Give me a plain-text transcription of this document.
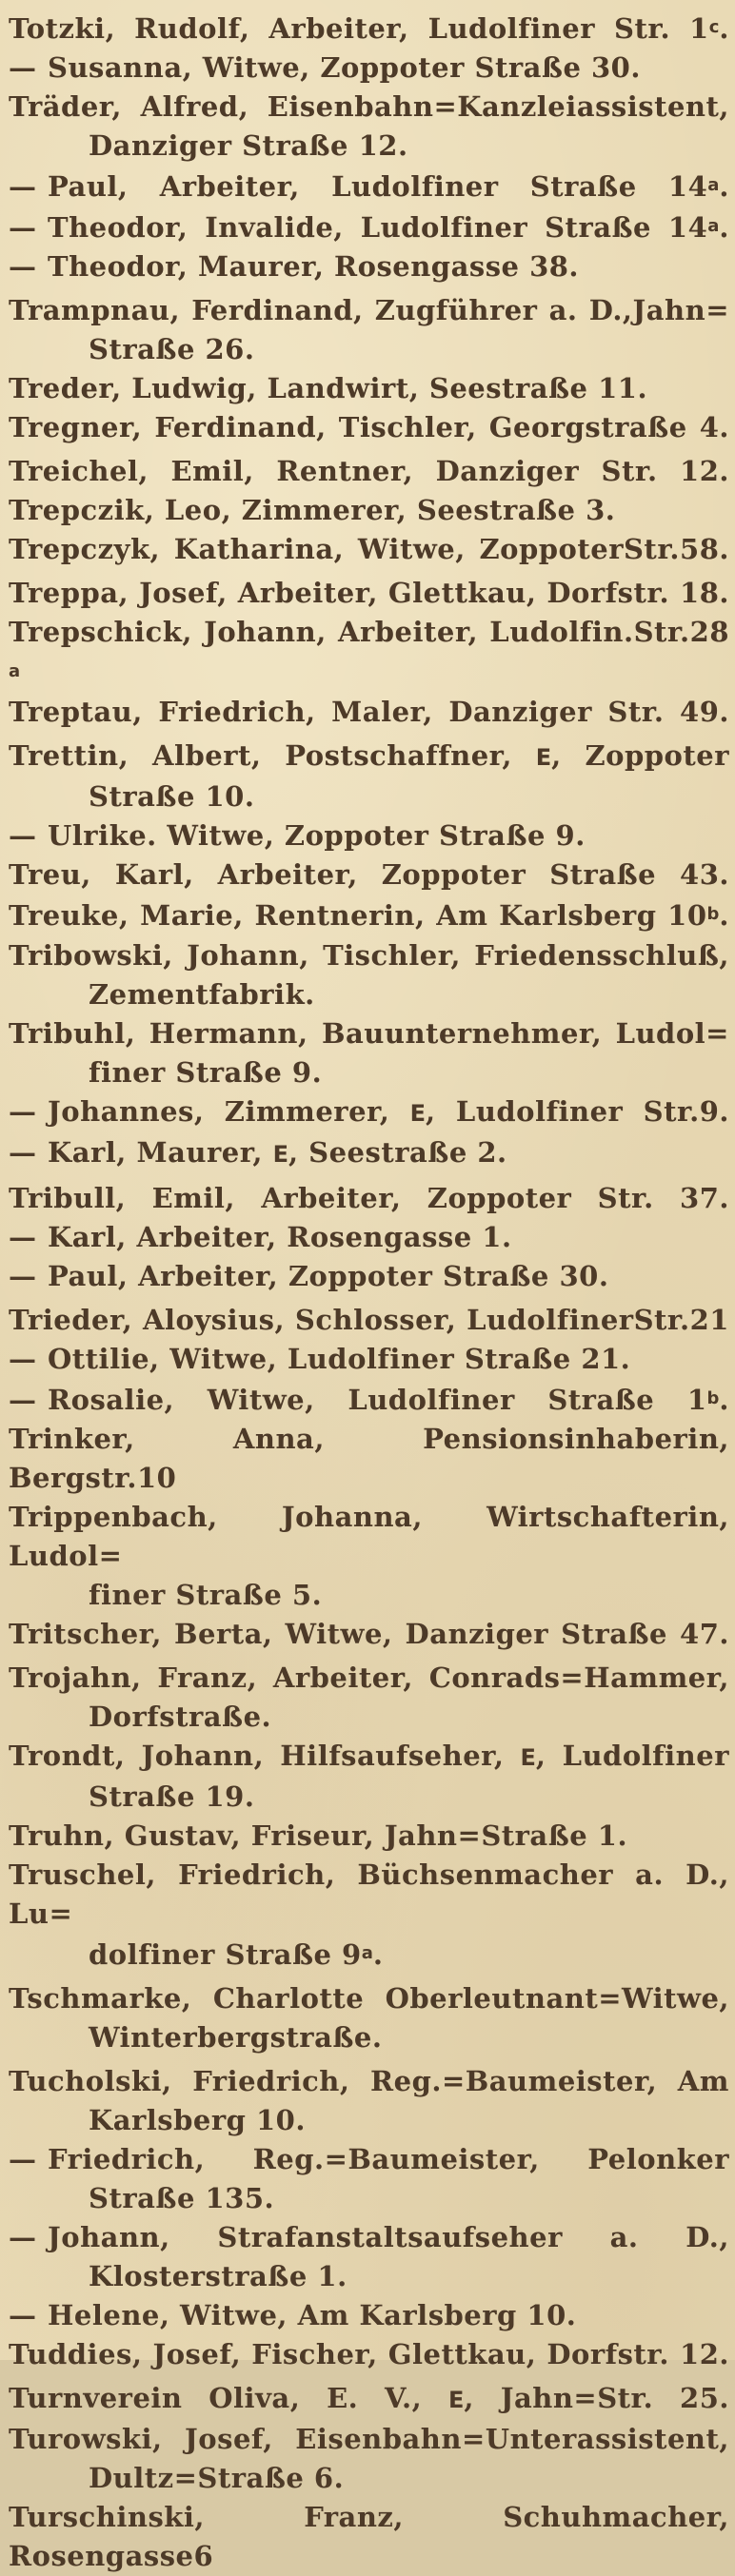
Totzki, Rudolf, Arbeiter, Ludolfiner Str. 1c.
— Susanna, Witwe, Zoppoter Straße 30.
Träder, Alfred, Eisenbahn=Kanzleiassistent,
Danziger Straße 12.
— Paul, Arbeiter, Ludolfiner Straße 14a.
— Theodor, Invalide, Ludolfiner Straße 14a.
— Theodor, Maurer, Rosengasse 38.
Trampnau, Ferdinand, Zugführer a. D.,Jahn=
Straße 26.
Treder, Ludwig, Landwirt, Seestraße 11.
Tregner, Ferdinand, Tischler, Georgstraße 4.
Treichel, Emil, Rentner, Danziger Str. 12.
Trepczik, Leo, Zimmerer, Seestraße 3.
Trepczyk, Katharina, Witwe, ZoppoterStr.58.
Treppa, Josef, Arbeiter, Glettkau, Dorfstr. 18.
Trepschick, Johann, Arbeiter, Ludolfin.Str.28a
Treptau, Friedrich, Maler, Danziger Str. 49.
Trettin, Albert, Postschaffner, E, Zoppoter
Straße 10.
— Ulrike. Witwe, Zoppoter Straße 9.
Treu, Karl, Arbeiter, Zoppoter Straße 43.
Treuke, Marie, Rentnerin, Am Karlsberg 10b.
Tribowski, Johann, Tischler, Friedensschluß,
Zementfabrik.
Tribuhl, Hermann, Bauunternehmer, Ludol=
finer Straße 9.
— Johannes, Zimmerer, E, Ludolfiner Str.9.
— Karl, Maurer, E, Seestraße 2.
Tribull, Emil, Arbeiter, Zoppoter Str. 37.
— Karl, Arbeiter, Rosengasse 1.
— Paul, Arbeiter, Zoppoter Straße 30.
Trieder, Aloysius, Schlosser, LudolfinerStr.21
— Ottilie, Witwe, Ludolfiner Straße 21.
— Rosalie, Witwe, Ludolfiner Straße 1b.
Trinker, Anna, Pensionsinhaberin, Bergstr.10
Trippenbach, Johanna, Wirtschafterin, Ludol=
finer Straße 5.
Tritscher, Berta, Witwe, Danziger Straße 47.
Trojahn, Franz, Arbeiter, Conrads=Hammer,
Dorfstraße.
Trondt, Johann, Hilfsaufseher, E, Ludolfiner
Straße 19.
Truhn, Gustav, Friseur, Jahn=Straße 1.
Truschel, Friedrich, Büchsenmacher a. D., Lu=
dolfiner Straße 9a.
Tschmarke, Charlotte Oberleutnant=Witwe,
Winterbergstraße.
Tucholski, Friedrich, Reg.=Baumeister, Am
Karlsberg 10.
— Friedrich, Reg.=Baumeister, Pelonker
Straße 135.
— Johann, Strafanstaltsaufseher a. D.,
Klosterstraße 1.
— Helene, Witwe, Am Karlsberg 10.
Tuddies, Josef, Fischer, Glettkau, Dorfstr. 12.
Turnverein Oliva, E. V., E, Jahn=Str. 25.
Turowski, Josef, Eisenbahn=Unterassistent,
Dultz=Straße 6.
Turschinski, Franz, Schuhmacher, Rosengasse6
